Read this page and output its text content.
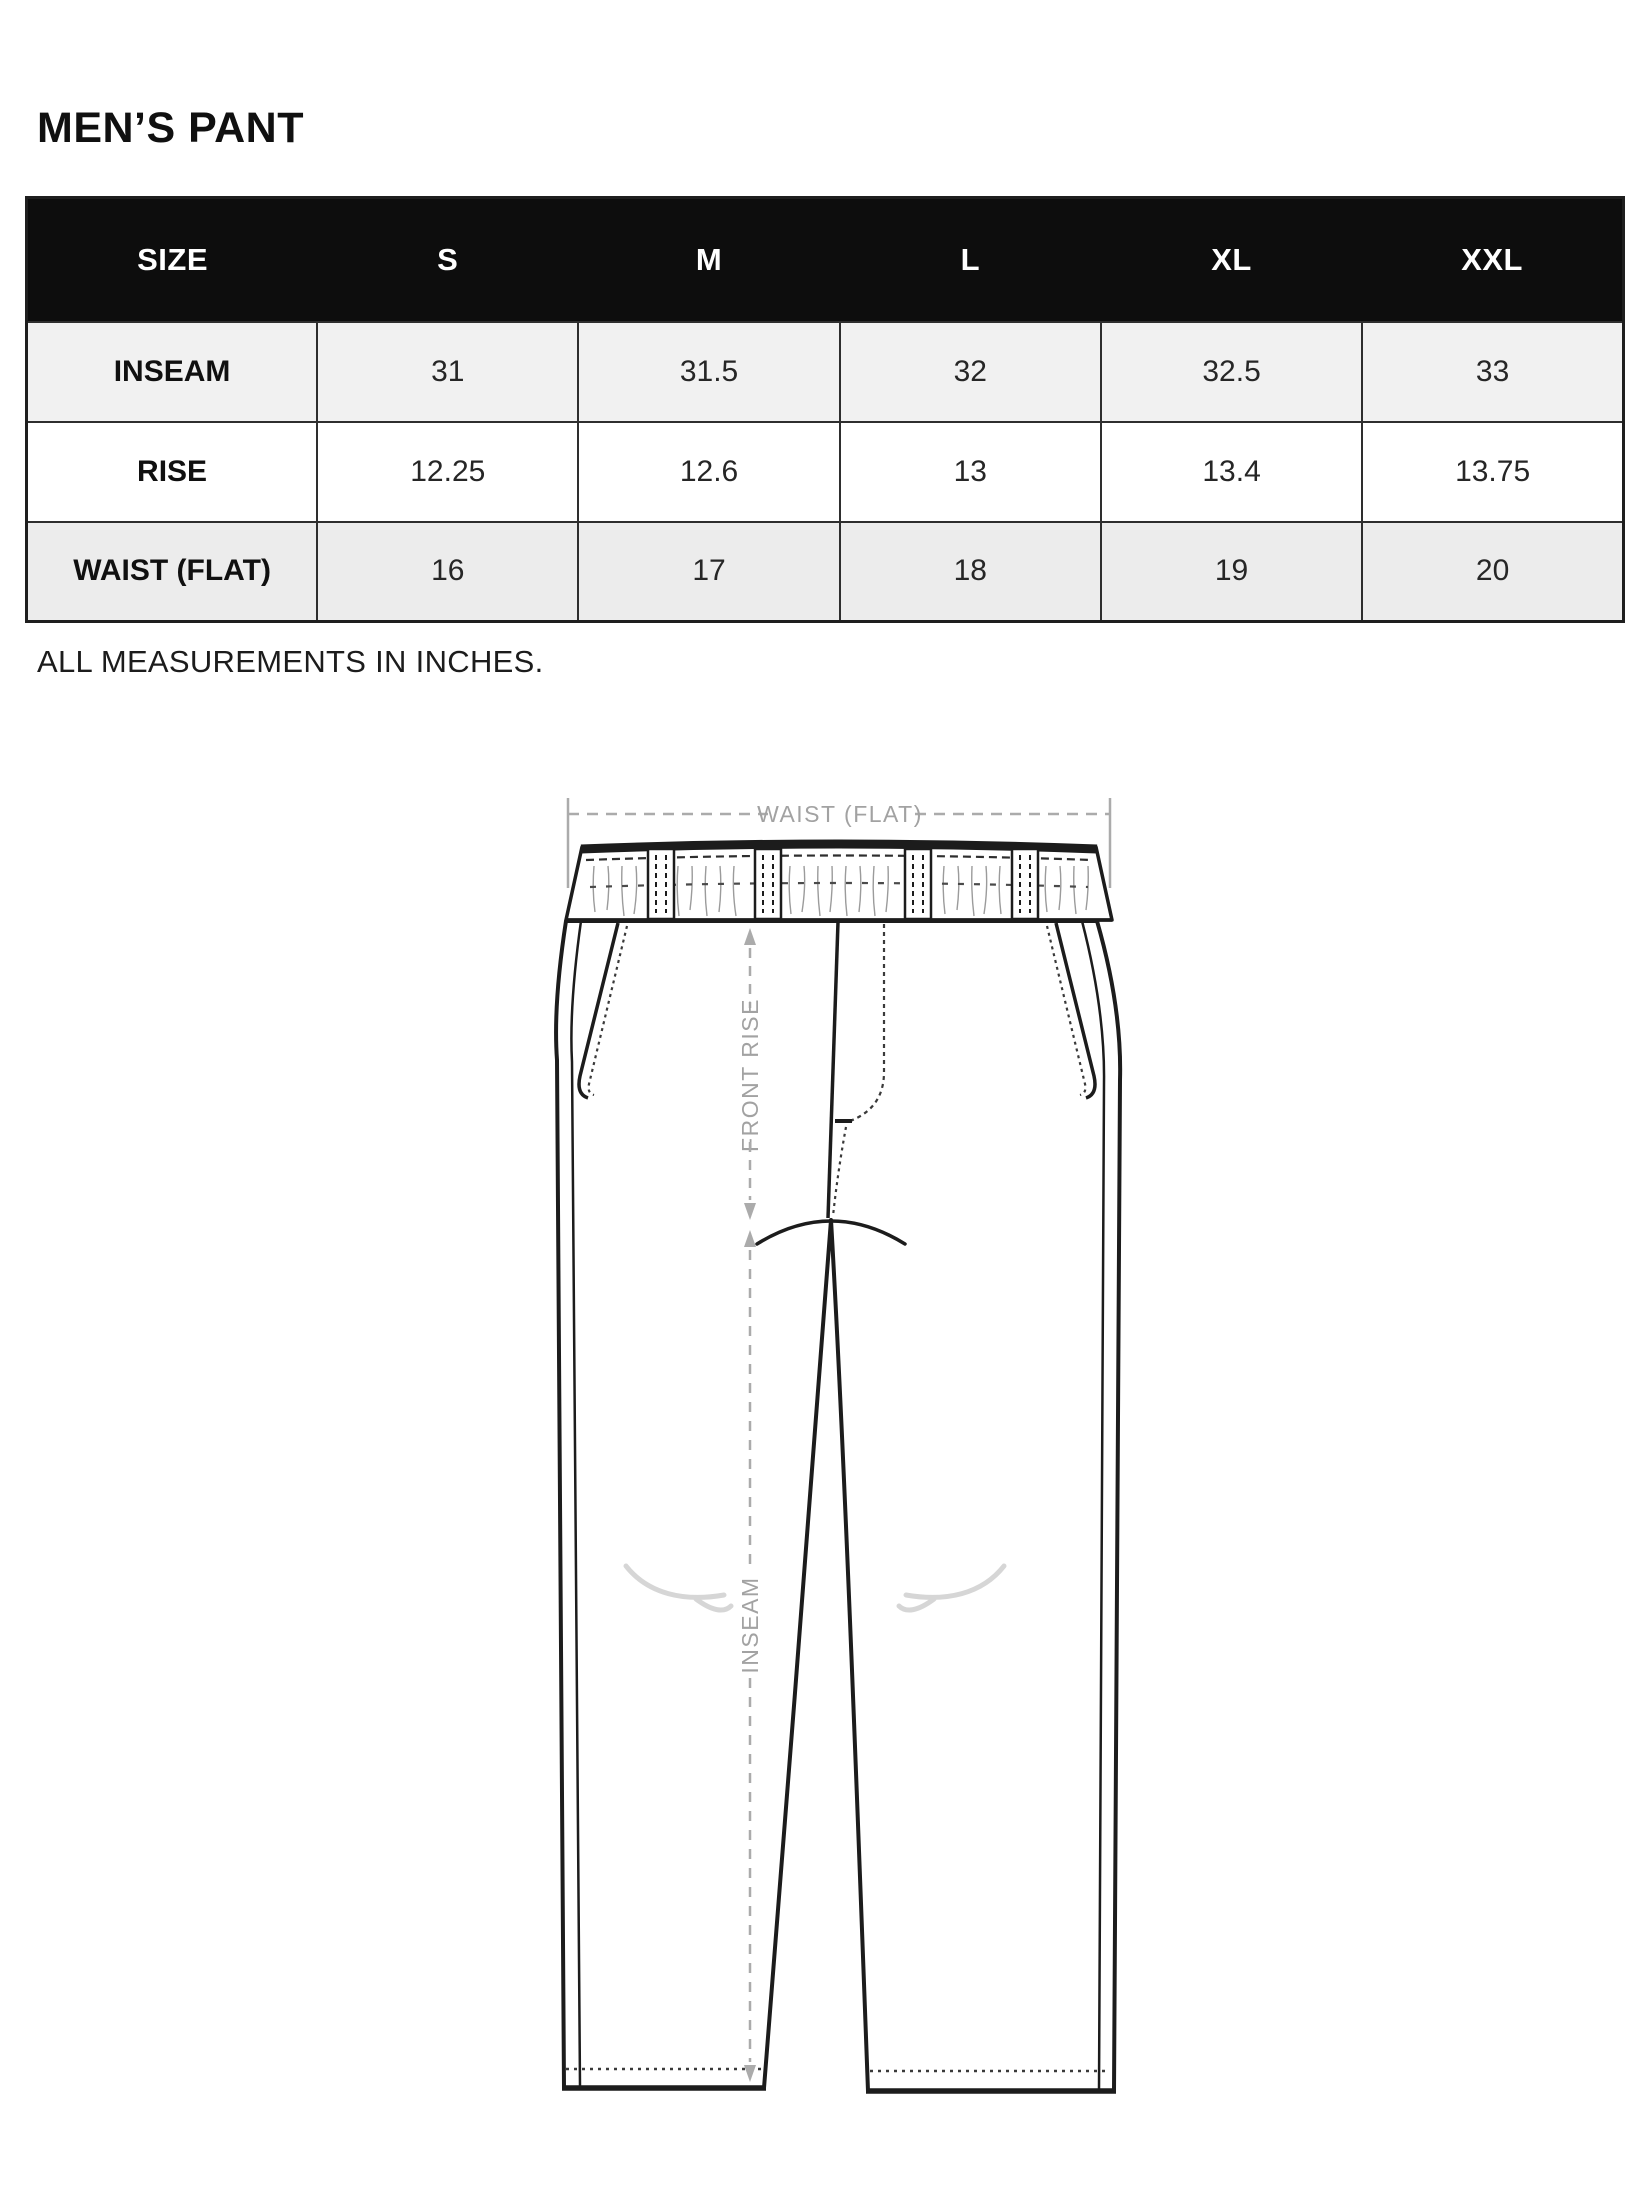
MEN’S PANT
SIZE	S	M	L	XL	XXL
INSEAM	31	31.5	32	32.5	33
RISE	12.25	12.6	13	13.4	13.75
WAIST (FLAT)	16	17	18	19	20
ALL MEASUREMENTS IN INCHES.
WAIST (FLAT)
FRONT RISE
INSEAM
